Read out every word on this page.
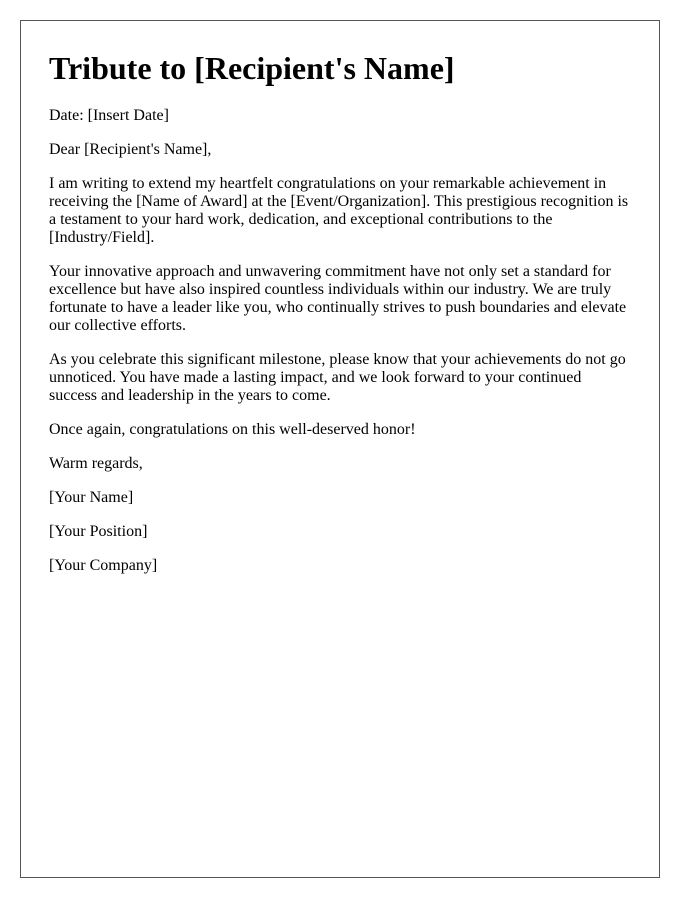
Tribute to [Recipient's Name]

Date: [Insert Date]

Dear [Recipient's Name],

I am writing to extend my heartfelt congratulations on your remarkable achievement in receiving the [Name of Award] at the [Event/Organization]. This prestigious recognition is a testament to your hard work, dedication, and exceptional contributions to the [Industry/Field].

Your innovative approach and unwavering commitment have not only set a standard for excellence but have also inspired countless individuals within our industry. We are truly fortunate to have a leader like you, who continually strives to push boundaries and elevate our collective efforts.

As you celebrate this significant milestone, please know that your achievements do not go unnoticed. You have made a lasting impact, and we look forward to your continued success and leadership in the years to come.

Once again, congratulations on this well-deserved honor!

Warm regards,

[Your Name]

[Your Position]

[Your Company]
